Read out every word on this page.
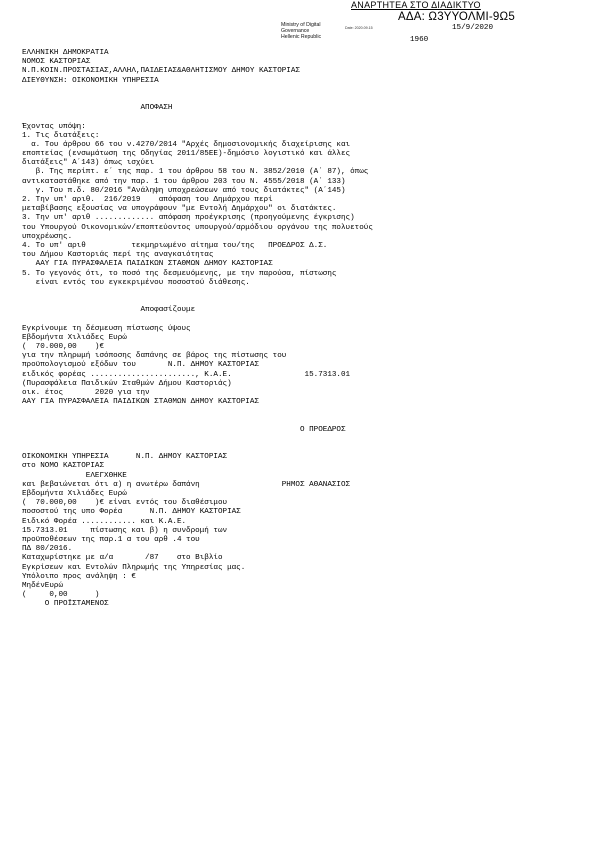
ΑΝΑΡΤΗΤΕΑ ΣΤΟ ΔΙΑΔΙΚΤΥΟ
ΑΔΑ: Ω3ΥΥΟΛΜΙ-9Ω5

Ministry of Digital

Governance

Hellenic Republic

Date: 2020.09.15	15/9/2020
1960
ΕΛΛΗΝΙΚΗ ΔΗΜΟΚΡΑΤΙΑ
ΝΟΜΟΣ ΚΑΣΤΟΡΙΑΣ
Ν.Π.ΚΟΙΝ.ΠΡΟΣΤΑΣΙΑΣ,ΑΛΛΗΛ,ΠΑΙΔΕΙΑΣ&ΑΘΛΗΤΙΣΜΟΥ ΔΗΜΟΥ ΚΑΣΤΟΡΙΑΣ
ΔΙΕΥΘΥΝΣΗ: ΟΙΚΟΝΟΜΙΚΗ ΥΠΗΡΕΣΙΑ
ΑΠΟΦΑΣΗ
Έχοντας υπόψη:
1. Τις διατάξεις:
α. Του άρθρου 66 του ν.4270/2014 "Αρχές δημοσιονομικής διαχείρισης και
εποπτείας (ενσωμάτωση της Οδηγίας 2011/85ΕΕ)-δημόσιο λογιστικό και άλλες
διατάξεις" Α΄143) όπως ισχύει
β. Της περίπτ. ε΄ της παρ. 1 του άρθρου 58 του Ν. 3852/2010 (Α΄ 87), όπως
αντικαταστάθηκε από την παρ. 1 του άρθρου 203 του Ν. 4555/2018 (Α΄ 133)
γ. Του π.δ. 80/2016 "Ανάληψη υποχρεώσεων από τους διατάκτες" (Α΄145)
2. Την υπ' αριθ.  216/2019    απόφαση του Δημάρχου περί
μεταβίβασης εξουσίας να υπογράφουν "με Εντολή Δημάρχου" οι διατάκτες.
3. Την υπ' αριθ ............. απόφαση προέγκρισης (προηγούμενης έγκρισης)
του Υπουργού Οικονομικών/εποπτεύοντος υπουργού/αρμόδιου οργάνου της πολυετούς
υποχρέωσης.
4. Το υπ' αριθ          τεκμηριωμένο αίτημα του/της   ΠΡΟΕΔΡΟΣ Δ.Σ.
του Δήμου Καστοριάς περί της αναγκαιότητας
ΑΑΥ ΓΙΑ ΠΥΡΑΣΦΑΛΕΙΑ ΠΑΙΔΙΚΩΝ ΣΤΑΘΜΩΝ ΔΗΜΟΥ ΚΑΣΤΟΡΙΑΣ
5. Το γεγονός ότι, το ποσό της δεσμευόμενης, με την παρούσα, πίστωσης
είναι εντός του εγκεκριμένου ποσοστού διάθεσης.
Αποφασίζουμε
Εγκρίνουμε τη δέσμευση πίστωσης ύψους
Εβδομήντα Χιλιάδες Ευρώ
(  70.000,00    )€
για την πληρωμή ισόποσης δαπάνης σε βάρος της πίστωσης του
προϋπολογισμού εξόδων του       Ν.Π. ΔΗΜΟΥ ΚΑΣΤΟΡΙΑΣ
ειδικός φορέας ......................., Κ.Α.Ε.                15.7313.01
(Πυρασφάλεια Παιδικών Σταθμών Δήμου Καστοριάς)
οικ. έτος       2020 για την
ΑΑΥ ΓΙΑ ΠΥΡΑΣΦΑΛΕΙΑ ΠΑΙΔΙΚΩΝ ΣΤΑΘΜΩΝ ΔΗΜΟΥ ΚΑΣΤΟΡΙΑΣ
Ο ΠΡΟΕΔΡΟΣ
ΟΙΚΟΝΟΜΙΚΗ ΥΠΗΡΕΣΙΑ      Ν.Π. ΔΗΜΟΥ ΚΑΣΤΟΡΙΑΣ
στο ΝΟΜΟ ΚΑΣΤΟΡΙΑΣ
ΕΛΕΓΧΘΗΚΕ
και βεβαιώνεται ότι α) η ανωτέρω δαπάνη                  ΡΗΜΟΣ ΑΘΑΝΑΣΙΟΣ
Εβδομήντα Χιλιάδες Ευρώ
(  70.000,00    )€ είναι εντός του διαθέσιμου
ποσοστού της υπο Φορέα      Ν.Π. ΔΗΜΟΥ ΚΑΣΤΟΡΙΑΣ
Ειδικό Φορέα ............ και Κ.Α.Ε.
15.7313.01     πίστωσης και β) η συνδρομή των
προϋποθέσεων της παρ.1 α του αρθ .4 του
ΠΔ 80/2016.
Καταχωρίστηκε με α/α       /87    στο Βιβλίο
Εγκρίσεων και Εντολών Πληρωμής της Υπηρεσίας μας.
Υπόλοιπο προς ανάληψη : €
ΜηδένΕυρώ
(     0,00      )
Ο ΠΡΟΪΣΤΑΜΕΝΟΣ
